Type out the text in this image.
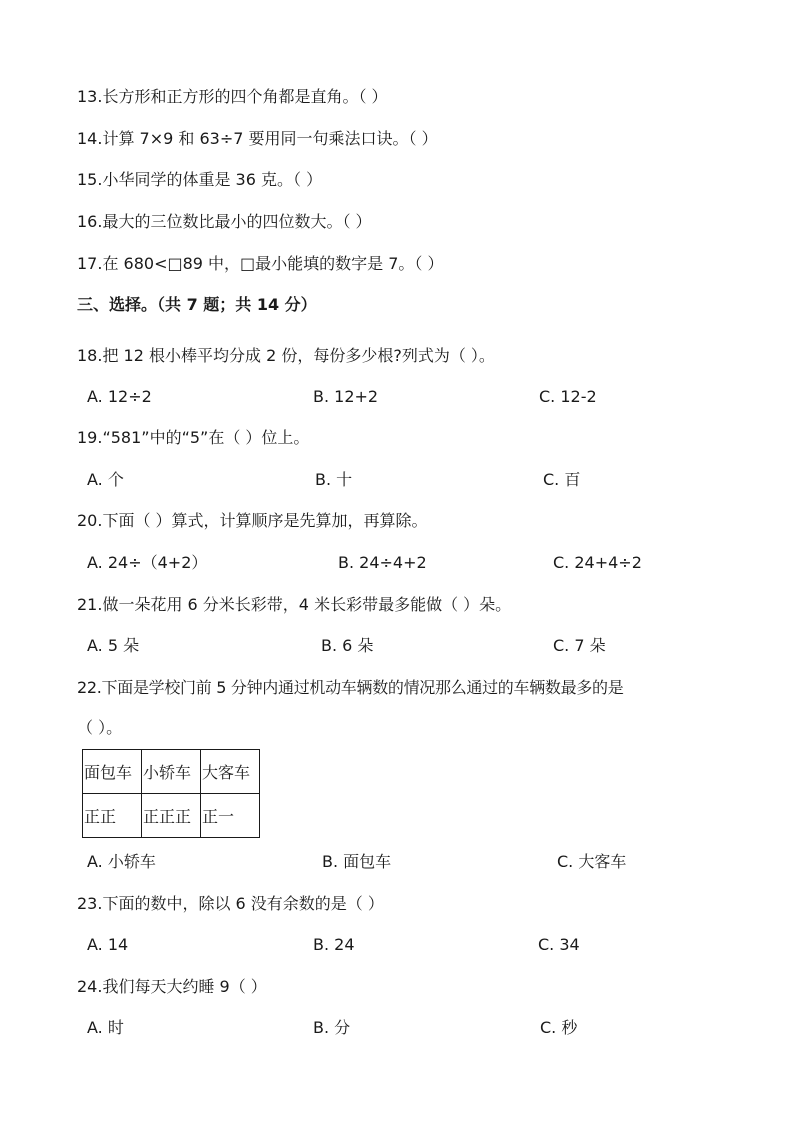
13.长方形和正方形的四个角都是直角。（ ）
14.计算 7×9 和 63÷7 要用同一句乘法口诀。（ ）
15.小华同学的体重是 36 克。（ ）
16.最大的三位数比最小的四位数大。（ ）
17.在 680<□89 中，□最小能填的数字是 7。（ ）
三、选择。（共 7 题；共 14 分）
18.把 12 根小棒平均分成 2 份，每份多少根?列式为（ ）。
A. 12÷2	B. 12+2	C. 12-2
19.“581”中的“5”在（ ）位上。
A. 个	B. 十	C. 百
20.下面（ ）算式，计算顺序是先算加，再算除。
A. 24÷（4+2）	B. 24÷4+2	C. 24+4÷2
21.做一朵花用 6 分米长彩带，4 米长彩带最多能做（ ）朵。
A. 5 朵	B. 6 朵	C. 7 朵
22.下面是学校门前 5 分钟内通过机动车辆数的情况那么通过的车辆数最多的是
（ ）。
面包车	小轿车	大客车
正正	正正正	正一
A. 小轿车	B. 面包车	C. 大客车
23.下面的数中，除以 6 没有余数的是（ ）
A. 14	B. 24	C. 34
24.我们每天大约睡 9（ ）
A. 时	B. 分	C. 秒
